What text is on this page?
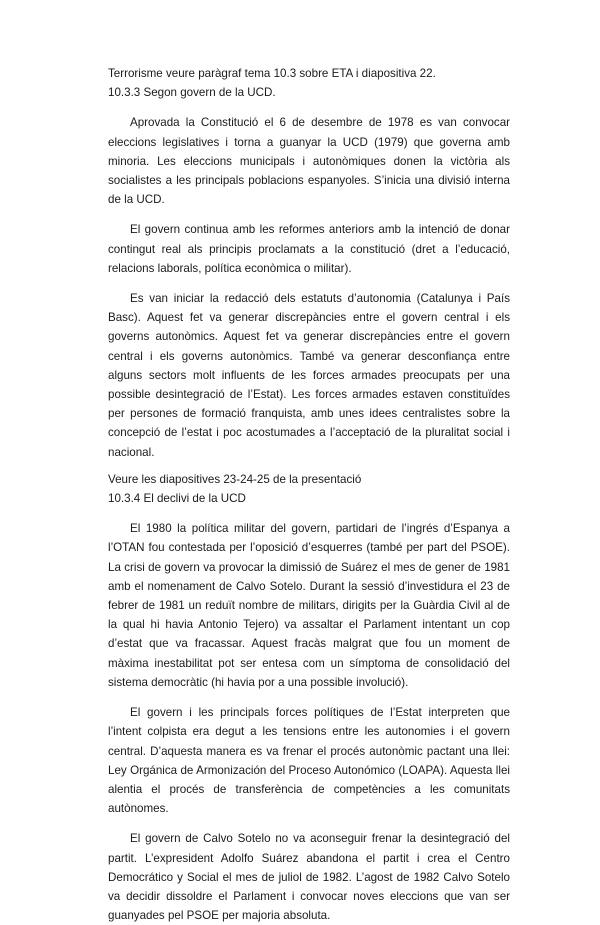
Terrorisme veure paràgraf tema 10.3 sobre ETA i diapositiva 22.

10.3.3 Segon govern de la UCD.

Aprovada la Constitució el 6 de desembre de 1978 es van convocar eleccions legislatives i torna a guanyar la UCD (1979) que governa amb minoria. Les eleccions municipals i autonòmiques donen la victòria als socialistes a les principals poblacions espanyoles. S’inicia una divisió interna de la UCD.

El govern continua amb les reformes anteriors amb la intenció de donar contingut real als principis proclamats a la constitució (dret a l’educació, relacions laborals, política econòmica o militar).

Es van iniciar la redacció dels estatuts d’autonomia (Catalunya i País Basc). Aquest fet va generar discrepàncies entre el govern central i els governs autonòmics. Aquest fet va generar discrepàncies entre el govern central i els governs autonòmics. També va generar desconfiança entre alguns sectors molt influents de les forces armades preocupats per una possible desintegració de l’Estat). Les forces armades estaven constituïdes per persones de formació franquista, amb unes idees centralistes sobre la concepció de l’estat i poc acostumades a l’acceptació de la pluralitat social i nacional.

Veure les diapositives 23-24-25 de la presentació

10.3.4 El declivi de la UCD

El 1980 la política militar del govern, partidari de l’ingrés d’Espanya a l’OTAN fou contestada per l’oposició d’esquerres (també per part del PSOE). La crisi de govern va provocar la dimissió de Suárez el mes de gener de 1981 amb el nomenament de Calvo Sotelo. Durant la sessió d’investidura el 23 de febrer de 1981 un reduït nombre de militars, dirigits per la Guàrdia Civil al de la qual hi havia Antonio Tejero) va assaltar el Parlament intentant un cop d’estat que va fracassar. Aquest fracàs malgrat que fou un moment de màxima inestabilitat pot ser entesa com un símptoma de consolidació del sistema democràtic (hi havia por a una possible involució).

El govern i les principals forces polítiques de l’Estat interpreten que l’intent colpista era degut a les tensions entre les autonomies i el govern central. D’aquesta manera es va frenar el procés autonòmic pactant una llei: Ley Orgánica de Armonización del Proceso Autonómico (LOAPA). Aquesta llei alentia el procés de transferència de competències a les comunitats autònomes.

El govern de Calvo Sotelo no va aconseguir frenar la desintegració del partit. L’expresident Adolfo Suárez abandona el partit i crea el Centro Democrático y Social el mes de juliol de 1982. L’agost de 1982 Calvo Sotelo va decidir dissoldre el Parlament i convocar noves eleccions que van ser guanyades pel PSOE per majoria absoluta.
